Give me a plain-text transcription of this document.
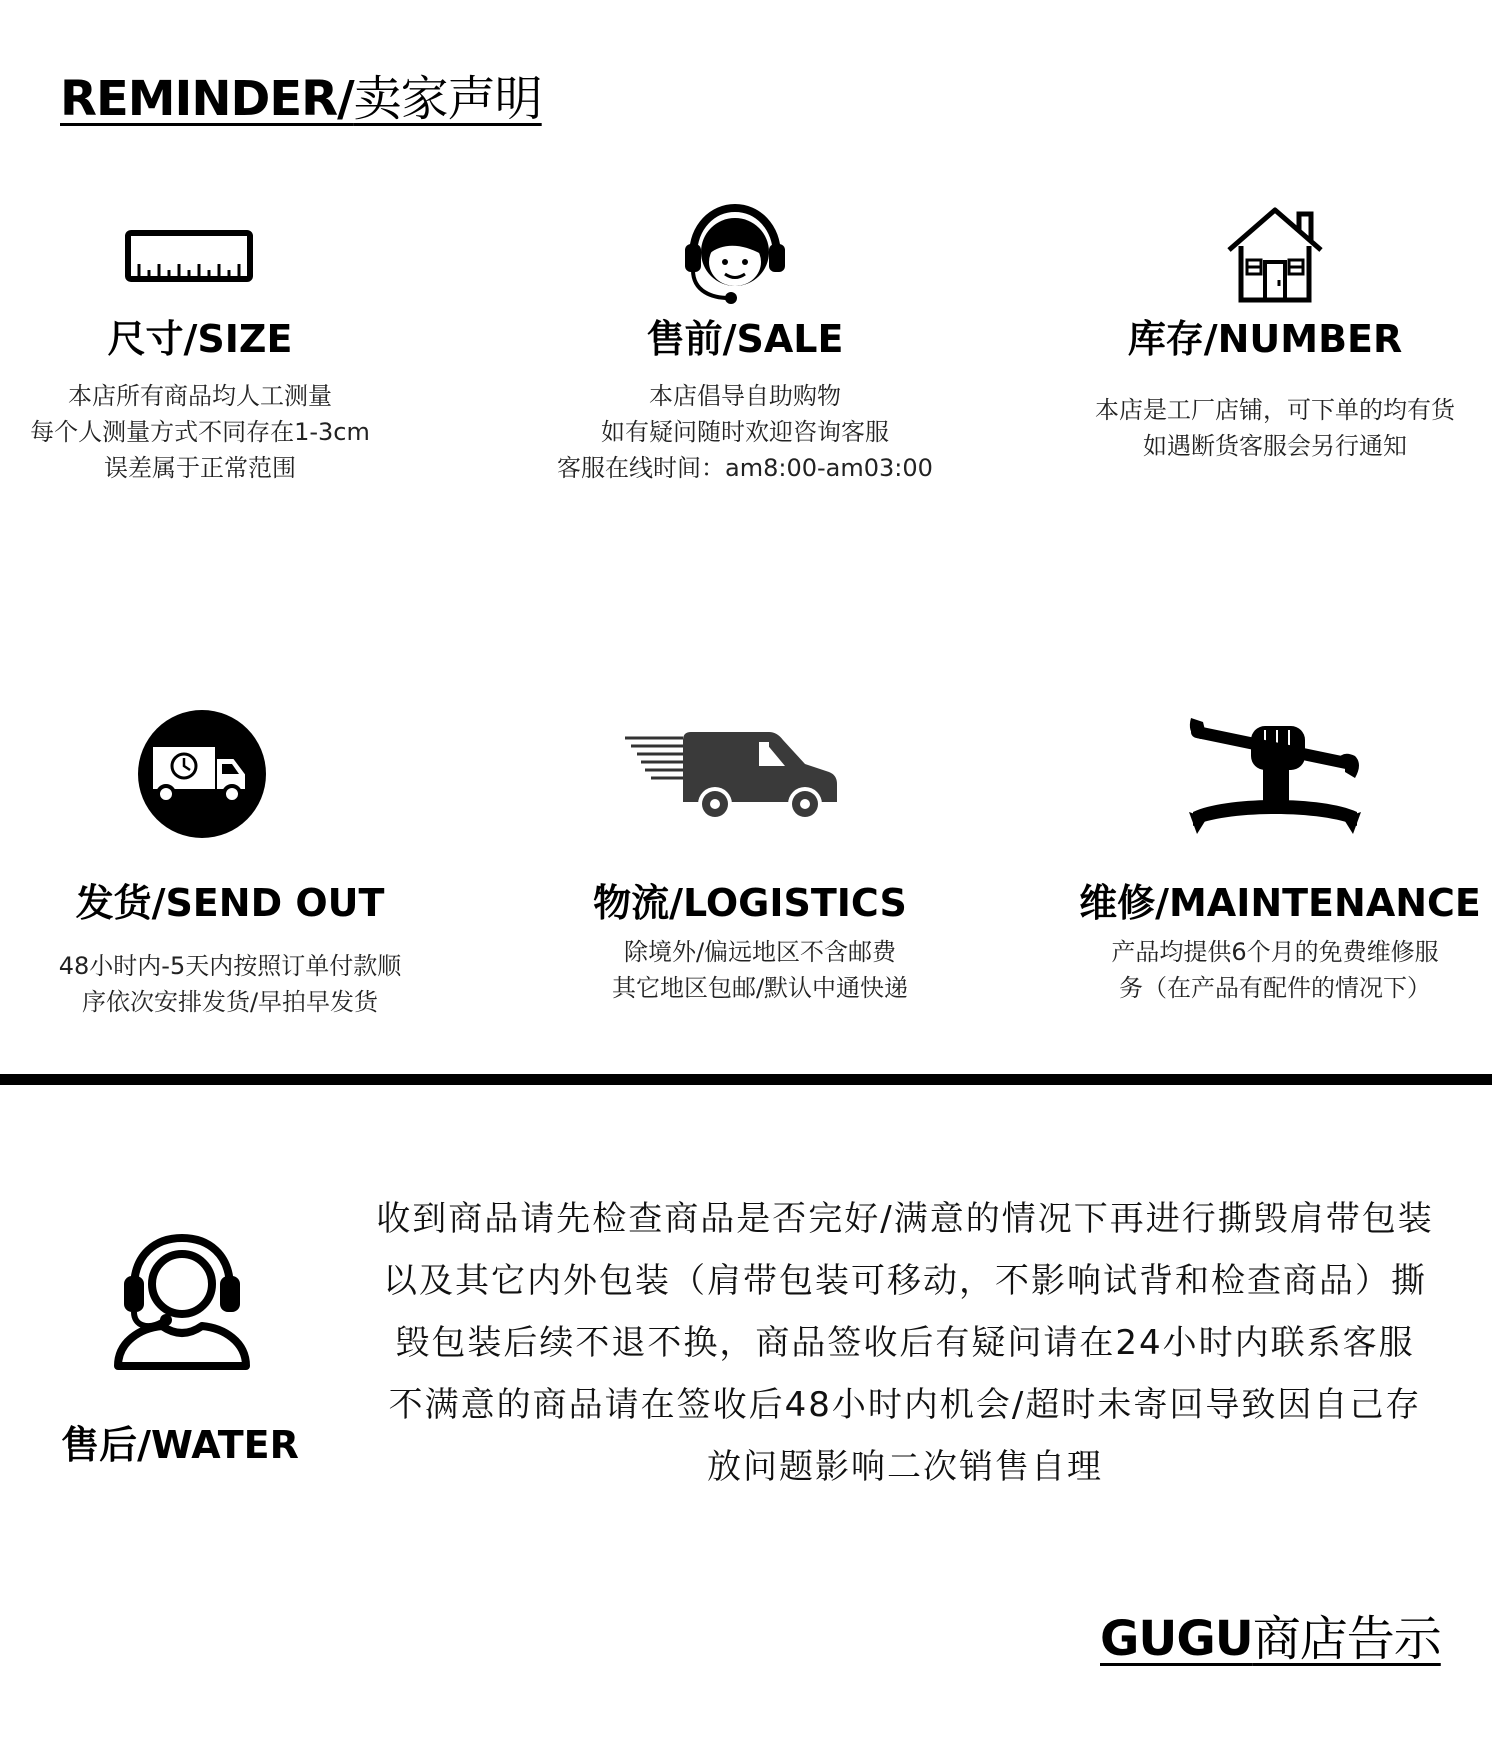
REMINDER/卖家声明
尺寸/SIZE
本店所有商品均人工测量
每个人测量方式不同存在1-3cm
误差属于正常范围
售前/SALE
本店倡导自助购物
如有疑问随时欢迎咨询客服
客服在线时间：am8:00-am03:00
库存/NUMBER
本店是工厂店铺，可下单的均有货
如遇断货客服会另行通知
发货/SEND OUT
48小时内-5天内按照订单付款顺
序依次安排发货/早拍早发货
物流/LOGISTICS
除境外/偏远地区不含邮费
其它地区包邮/默认中通快递
维修/MAINTENANCE
产品均提供6个月的免费维修服
务（在产品有配件的情况下）
售后/WATER
收到商品请先检查商品是否完好/满意的情况下再进行撕毁肩带包装
以及其它内外包装（肩带包装可移动，不影响试背和检查商品）撕
毁包装后续不退不换，商品签收后有疑问请在24小时内联系客服
不满意的商品请在签收后48小时内机会/超时未寄回导致因自己存
放问题影响二次销售自理
GUGU商店告示
